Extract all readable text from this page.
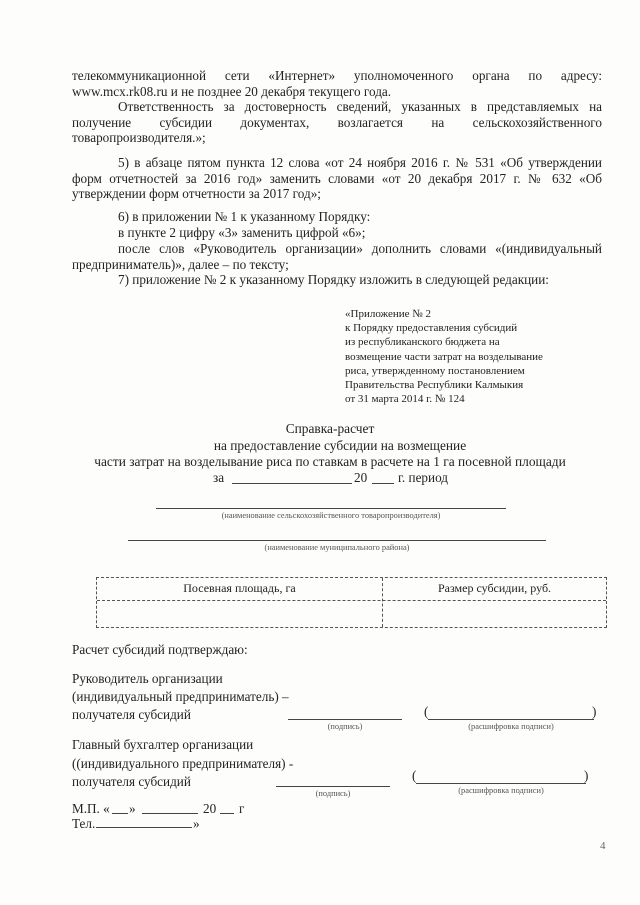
телекоммуникационной сети «Интернет» уполномоченного органа по адресу: www.mcx.rk08.ru и не позднее 20 декабря текущего года.
Ответственность за достоверность сведений, указанных в представляемых на получение субсидии документах, возлагается на сельскохозяйственного товаропроизводителя.»;
5) в абзаце пятом пункта 12 слова «от 24 ноября 2016 г. № 531 «Об утверждении форм отчетностей за 2016 год» заменить словами «от 20 декабря 2017 г. № 632 «Об утверждении форм отчетности за 2017 год»;
6) в приложении № 1 к указанному Порядку:
в пункте 2 цифру «3» заменить цифрой «6»;
после слов «Руководитель организации» дополнить словами «(индивидуальный предприниматель)», далее – по тексту;
7) приложение № 2 к указанному Порядку изложить в следующей редакции:
«Приложение № 2
к Порядку предоставления субсидий
из республиканского бюджета на
возмещение части затрат на возделывание
риса, утвержденному постановлением
Правительства Республики Калмыкия
от 31 марта 2014 г. № 124
Справка-расчет
на предоставление субсидии на возмещение
части затрат на возделывание риса по ставкам в расчете на 1 га посевной площади
за	20 г. период
(наименование сельскохозяйственного товаропроизводителя)
(наименование муниципального района)
Посевная площадь, га	Размер субсидии, руб.
Расчет субсидий подтверждаю:
Руководитель организации
(индивидуальный предприниматель) –
получателя субсидий
(подпись)
(	)
(расшифровка подписи)
Главный бухгалтер организации
((индивидуального предпринимателя) -
получателя субсидий
(подпись)
(	)
(расшифровка подписи)
М.П. « »	20 г
Тел.	»
4
